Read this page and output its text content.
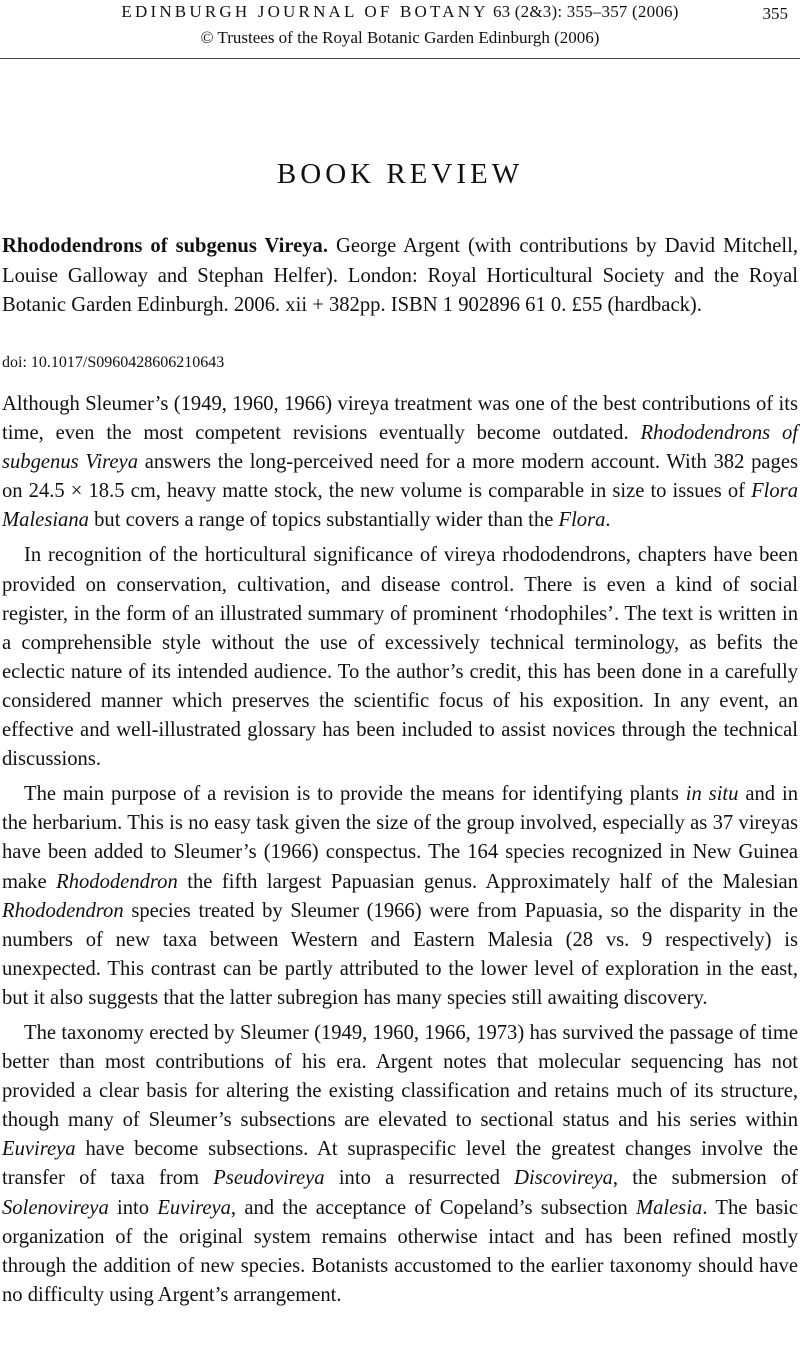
EDINBURGH JOURNAL OF BOTANY 63 (2&3): 355–357 (2006)	355
© Trustees of the Royal Botanic Garden Edinburgh (2006)
BOOK REVIEW

Rhododendrons of subgenus Vireya. George Argent (with contributions by David Mitchell, Louise Galloway and Stephan Helfer). London: Royal Horticultural Society and the Royal Botanic Garden Edinburgh. 2006. xii + 382pp. ISBN 1 902896 61 0. £55 (hardback).

doi: 10.1017/S0960428606210643

Although Sleumer’s (1949, 1960, 1966) vireya treatment was one of the best contributions of its time, even the most competent revisions eventually become outdated. Rhododendrons of subgenus Vireya answers the long-perceived need for a more modern account. With 382 pages on 24.5 × 18.5 cm, heavy matte stock, the new volume is comparable in size to issues of Flora Malesiana but covers a range of topics substantially wider than the Flora.

In recognition of the horticultural significance of vireya rhododendrons, chapters have been provided on conservation, cultivation, and disease control. There is even a kind of social register, in the form of an illustrated summary of prominent ‘rhodophiles’. The text is written in a comprehensible style without the use of excessively technical terminology, as befits the eclectic nature of its intended audience. To the author’s credit, this has been done in a carefully considered manner which preserves the scientific focus of his exposition. In any event, an effective and well-illustrated glossary has been included to assist novices through the technical discussions.

The main purpose of a revision is to provide the means for identifying plants in situ and in the herbarium. This is no easy task given the size of the group involved, especially as 37 vireyas have been added to Sleumer’s (1966) conspectus. The 164 species recognized in New Guinea make Rhododendron the fifth largest Papuasian genus. Approximately half of the Malesian Rhododendron species treated by Sleumer (1966) were from Papuasia, so the disparity in the numbers of new taxa between Western and Eastern Malesia (28 vs. 9 respectively) is unexpected. This contrast can be partly attributed to the lower level of exploration in the east, but it also suggests that the latter subregion has many species still awaiting discovery.

The taxonomy erected by Sleumer (1949, 1960, 1966, 1973) has survived the passage of time better than most contributions of his era. Argent notes that molecular sequencing has not provided a clear basis for altering the existing classification and retains much of its structure, though many of Sleumer’s subsections are elevated to sectional status and his series within Euvireya have become subsections. At supraspecific level the greatest changes involve the transfer of taxa from Pseudovireya into a resurrected Discovireya, the submersion of Solenovireya into Euvireya, and the acceptance of Copeland’s subsection Malesia. The basic organization of the original system remains otherwise intact and has been refined mostly through the addition of new species. Botanists accustomed to the earlier taxonomy should have no difficulty using Argent’s arrangement.
